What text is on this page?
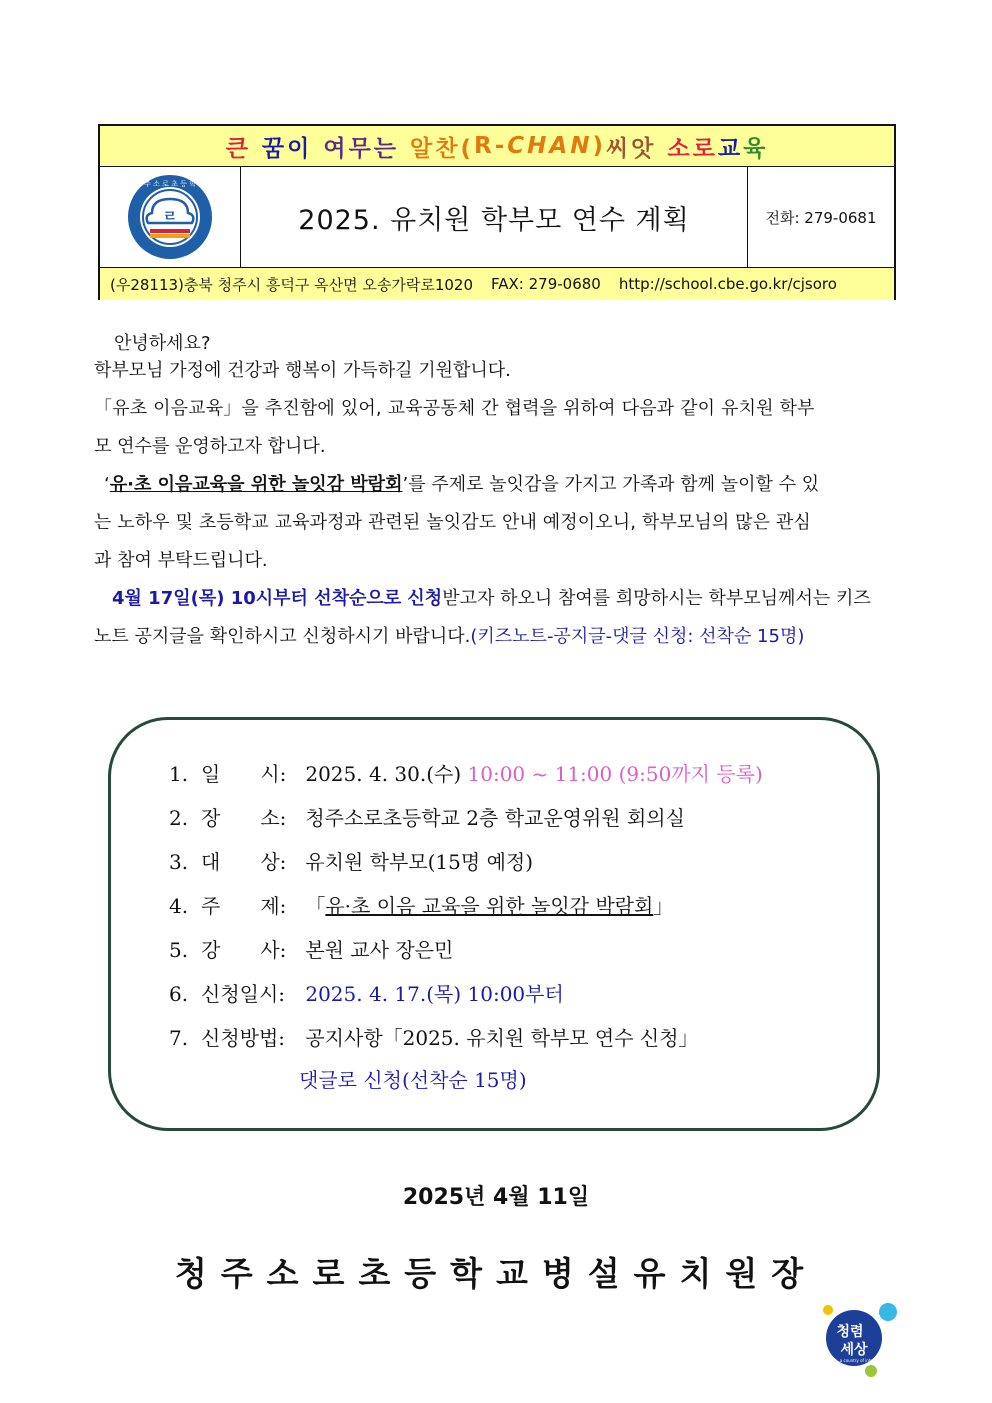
큰 꿈이 여무는 알찬( R- CHAN ) 씨앗 소로 교 육
ㄹ
청 주 소 로 초 등 학 교
2025. 유치원 학부모 연수 계획	전화: 279-0681
(우28113)충북 청주시 흥덕구 옥산면 오송가락로1020 FAX: 279-0680 http://school.cbe.go.kr/cjsoro
안녕하세요?
학부모님 가정에 건강과 행복이 가득하길 기원합니다.
「유초 이음교육」을 추진함에 있어, 교육공동체 간 협력을 위하여 다음과 같이 유치원 학부
모 연수를 운영하고자 합니다.
‘유·초 이음교육을 위한 놀잇감 박람회’를 주제로 놀잇감을 가지고 가족과 함께 놀이할 수 있
는 노하우 및 초등학교 교육과정과 관련된 놀잇감도 안내 예정이오니, 학부모님의 많은 관심
과 참여 부탁드립니다.
4월 17일(목) 10시부터 선착순으로 신청받고자 하오니 참여를 희망하시는 학부모님께서는 키즈
노트 공지글을 확인하시고 신청하시기 바랍니다.(키즈노트-공지글-댓글 신청: 선착순 15명)
1. 일　　시: 2025. 4. 30.(수) 10:00 ~ 11:00 (9:50까지 등록)
2. 장　　소: 청주소로초등학교 2층 학교운영위원 회의실
3. 대　　상: 유치원 학부모(15명 예정)
4. 주　　제: 「유·초 이음 교육을 위한 놀잇감 박람회」
5. 강　　사: 본원 교사 장은민
6. 신청일시: 2025. 4. 17.(목) 10:00부터
7. 신청방법: 공지사항「2025. 유치원 학부모 연수 신청」
댓글로 신청(선착순 15명)
2025년 4월 11일
청주소로초등학교병설유치원장
청렴
세상
Korea, a country of integrity
